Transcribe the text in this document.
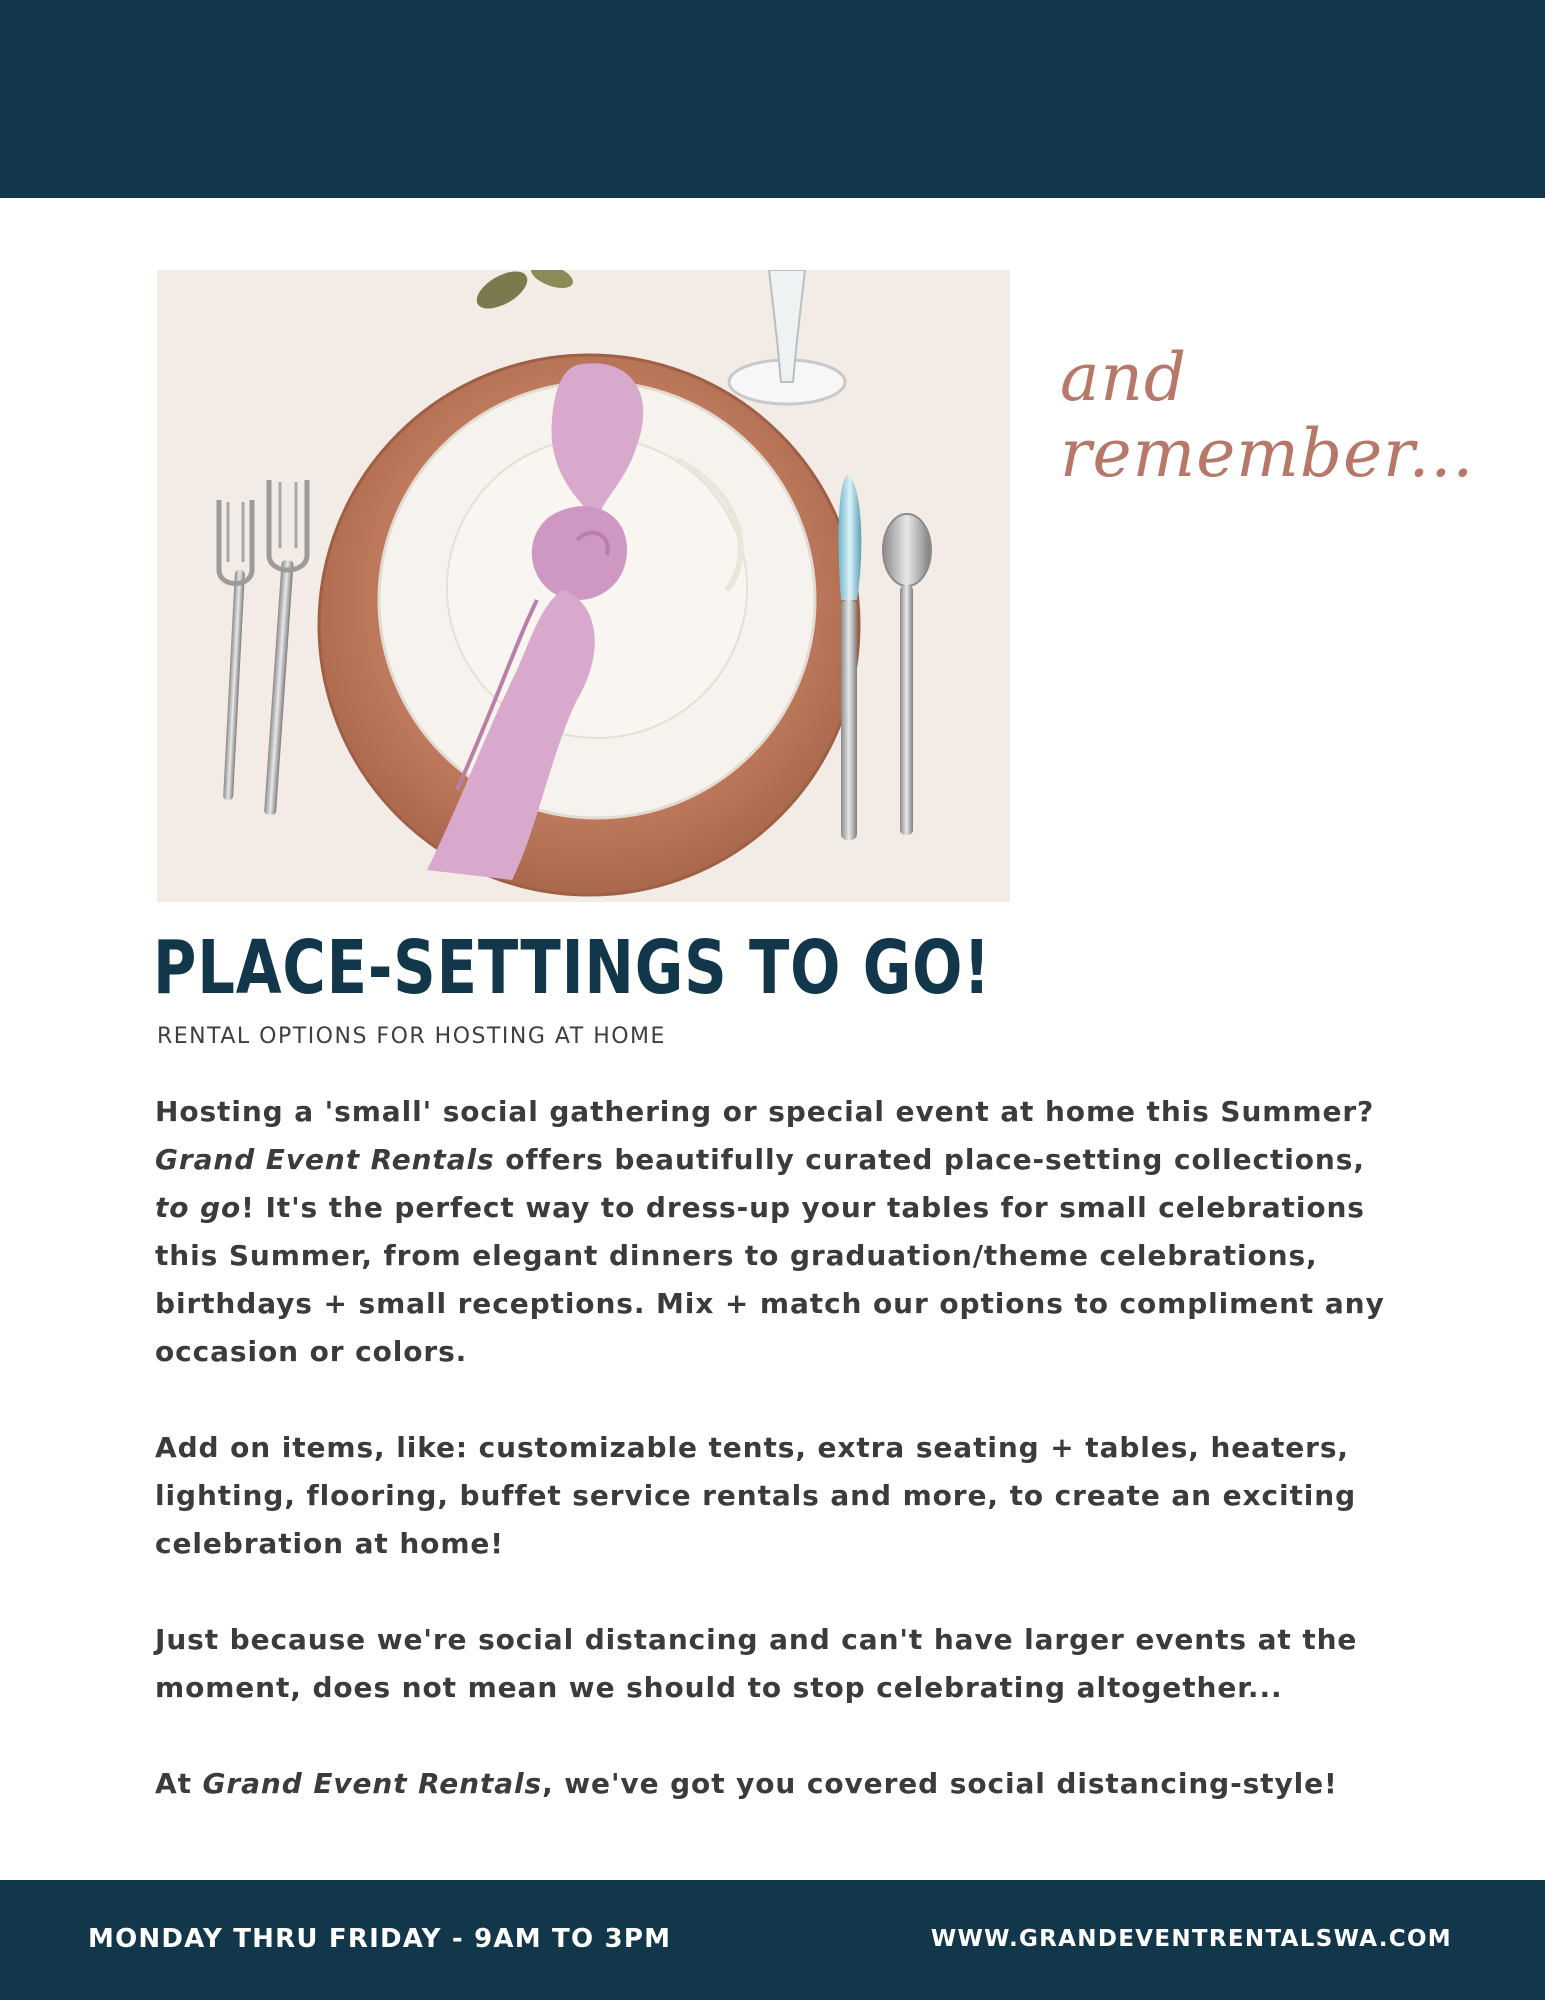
and
remember...
PLACE-SETTINGS TO GO!
RENTAL OPTIONS FOR HOSTING AT HOME

Hosting a 'small' social gathering or special event at home this Summer? Grand Event Rentals offers beautifully curated place-setting collections, to go! It's the perfect way to dress-up your tables for small celebrations this Summer, from elegant dinners to graduation/theme celebrations, birthdays + small receptions. Mix + match our options to compliment any occasion or colors.

Add on items, like: customizable tents, extra seating + tables, heaters, lighting, flooring, buffet service rentals and more, to create an exciting celebration at home!

Just because we're social distancing and can't have larger events at the moment, does not mean we should to stop celebrating altogether...

At Grand Event Rentals, we've got you covered social distancing-style!

MONDAY THRU FRIDAY - 9AM TO 3PM	WWW.GRANDEVENTRENTALSWA.COM
